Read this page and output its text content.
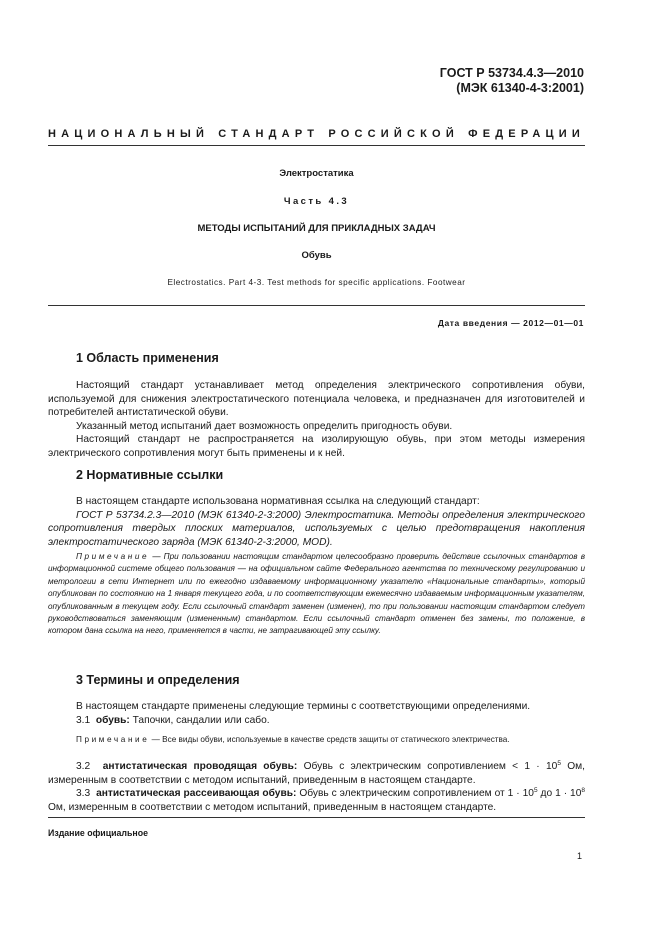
ГОСТ Р 53734.4.3—2010
(МЭК 61340-4-3:2001)
НАЦИОНАЛЬНЫЙ СТАНДАРТ РОССИЙСКОЙ ФЕДЕРАЦИИ
Электростатика
Часть 4.3
МЕТОДЫ ИСПЫТАНИЙ ДЛЯ ПРИКЛАДНЫХ ЗАДАЧ
Обувь
Electrostatics. Part 4-3. Test methods for specific applications. Footwear
Дата введения — 2012—01—01
1 Область применения

Настоящий стандарт устанавливает метод определения электрического сопротивления обуви, используемой для снижения электростатического потенциала человека, и предназначен для изготовителей и потребителей антистатической обуви.

Указанный метод испытаний дает возможность определить пригодность обуви.

Настоящий стандарт не распространяется на изолирующую обувь, при этом методы измерения электрического сопротивления могут быть применены и к ней.

2 Нормативные ссылки

В настоящем стандарте использована нормативная ссылка на следующий стандарт:

ГОСТ Р 53734.2.3—2010 (МЭК 61340-2-3:2000) Электростатика. Методы определения электрического сопротивления твердых плоских материалов, используемых с целью предотвращения накопления электростатического заряда (МЭК 61340-2-3:2000, MOD).

Примечание — При пользовании настоящим стандартом целесообразно проверить действие ссылочных стандартов в информационной системе общего пользования — на официальном сайте Федерального агентства по техническому регулированию и метрологии в сети Интернет или по ежегодно издаваемому информационному указателю «Национальные стандарты», который опубликован по состоянию на 1 января текущего года, и по соответствующим ежемесячно издаваемым информационным указателям, опубликованным в текущем году. Если ссылочный стандарт заменен (изменен), то при пользовании настоящим стандартом следует руководствоваться заменяющим (измененным) стандартом. Если ссылочный стандарт отменен без замены, то положение, в котором дана ссылка на него, применяется в части, не затрагивающей эту ссылку.
3 Термины и определения

В настоящем стандарте применены следующие термины с соответствующими определениями.

3.1 обувь: Тапочки, сандалии или сабо.

Примечание — Все виды обуви, используемые в качестве средств защиты от статического электричества.

3.2 антистатическая проводящая обувь: Обувь с электрическим сопротивлением < $1 \cdot 10^5$ Ом, измеренным в соответствии с методом испытаний, приведенным в настоящем стандарте.

3.3 антистатическая рассеивающая обувь: Обувь с электрическим сопротивлением от $1 \cdot 10^5$ до $1 \cdot 10^8$ Ом, измеренным в соответствии с методом испытаний, приведенным в настоящем стандарте.

Издание официальное
1
